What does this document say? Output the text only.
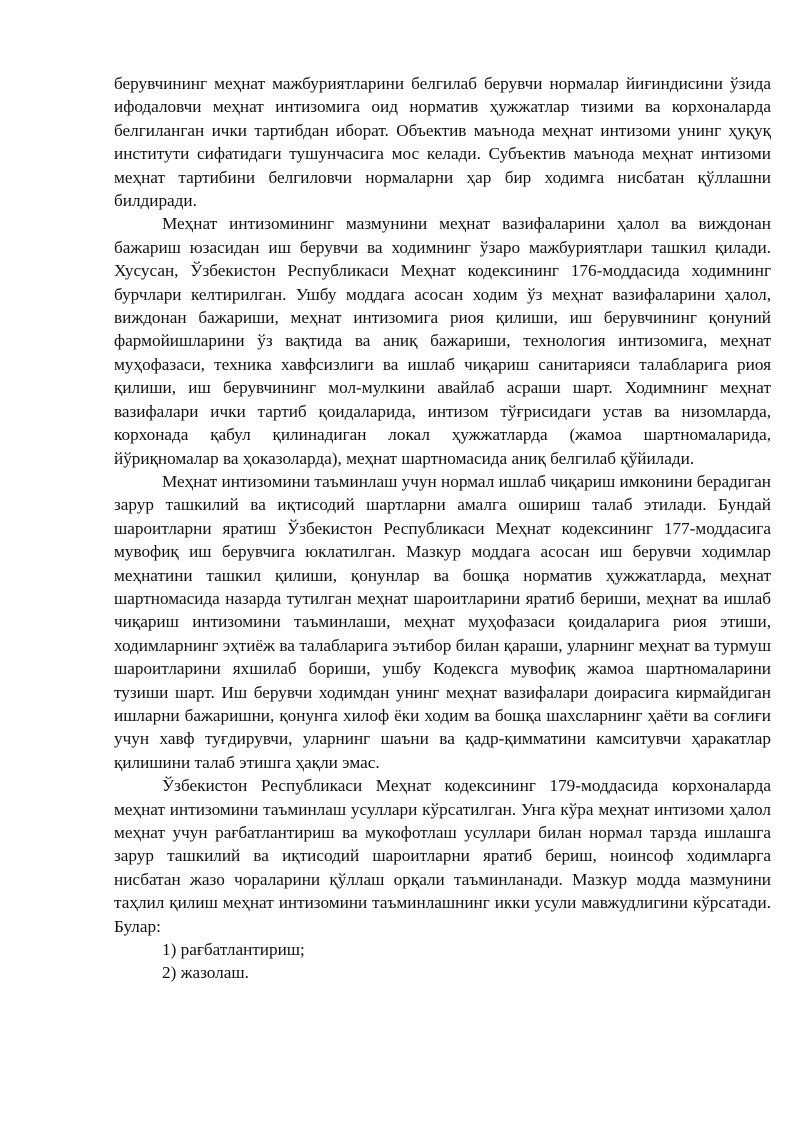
берувчининг меҳнат мажбуриятларини белгилаб берувчи нормалар йиғиндисини ўзида ифодаловчи меҳнат интизомига оид норматив ҳужжатлар тизими ва корхоналарда белгиланган ички тартибдан иборат. Объектив маънода меҳнат интизоми унинг ҳуқуқ институти сифатидаги тушунчасига мос келади. Субъектив маънода меҳнат интизоми меҳнат тартибини белгиловчи нормаларни ҳар бир ходимга нисбатан қўллашни билдиради.

Меҳнат интизомининг мазмунини меҳнат вазифаларини ҳалол ва виждонан бажариш юзасидан иш берувчи ва ходимнинг ўзаро мажбуриятлари ташкил қилади. Хусусан, Ўзбекистон Республикаси Меҳнат кодексининг 176-моддасида ходимнинг бурчлари келтирилган. Ушбу моддага асосан ходим ўз меҳнат вазифаларини ҳалол, виждонан бажариши, меҳнат интизомига риоя қилиши, иш берувчининг қонуний фармойишларини ўз вақтида ва аниқ бажариши, технология интизомига, меҳнат муҳофазаси, техника хавфсизлиги ва ишлаб чиқариш санитарияси талабларига риоя қилиши, иш берувчининг мол-мулкини авайлаб асраши шарт. Ходимнинг меҳнат вазифалари ички тартиб қоидаларида, интизом тўғрисидаги устав ва низомларда, корхонада қабул қилинадиган локал ҳужжатларда (жамоа шартномаларида, йўриқномалар ва ҳоказоларда), меҳнат шартномасида аниқ белгилаб қўйилади.

Меҳнат интизомини таъминлаш учун нормал ишлаб чиқариш имконини берадиган зарур ташкилий ва иқтисодий шартларни амалга ошириш талаб этилади. Бундай шароитларни яратиш Ўзбекистон Республикаси Меҳнат кодексининг 177-моддасига мувофиқ иш берувчига юклатилган. Мазкур моддага асосан иш берувчи ходимлар меҳнатини ташкил қилиши, қонунлар ва бошқа норматив ҳужжатларда, меҳнат шартномасида назарда тутилган меҳнат шароитларини яратиб бериши, меҳнат ва ишлаб чиқариш интизомини таъминлаши, меҳнат муҳофазаси қоидаларига риоя этиши, ходимларнинг эҳтиёж ва талабларига эътибор билан қараши, уларнинг меҳнат ва турмуш шароитларини яхшилаб бориши, ушбу Кодексга мувофиқ жамоа шартномаларини тузиши шарт. Иш берувчи ходимдан унинг меҳнат вазифалари доирасига кирмайдиган ишларни бажаришни, қонунга хилоф ёки ходим ва бошқа шахсларнинг ҳаёти ва соғлиғи учун хавф туғдирувчи, уларнинг шаъни ва қадр-қимматини камситувчи ҳаракатлар қилишини талаб этишга ҳақли эмас.

Ўзбекистон Республикаси Меҳнат кодексининг 179-моддасида корхоналарда меҳнат интизомини таъминлаш усуллари кўрсатилган. Унга кўра меҳнат интизоми ҳалол меҳнат учун рағбатлантириш ва мукофотлаш усуллари билан нормал тарзда ишлашга зарур ташкилий ва иқтисодий шароитларни яратиб бериш, ноинсоф ходимларга нисбатан жазо чораларини қўллаш орқали таъминланади. Мазкур модда мазмунини таҳлил қилиш меҳнат интизомини таъминлашнинг икки усули мавжудлигини кўрсатади. Булар:

1) рағбатлантириш;
2) жазолаш.
